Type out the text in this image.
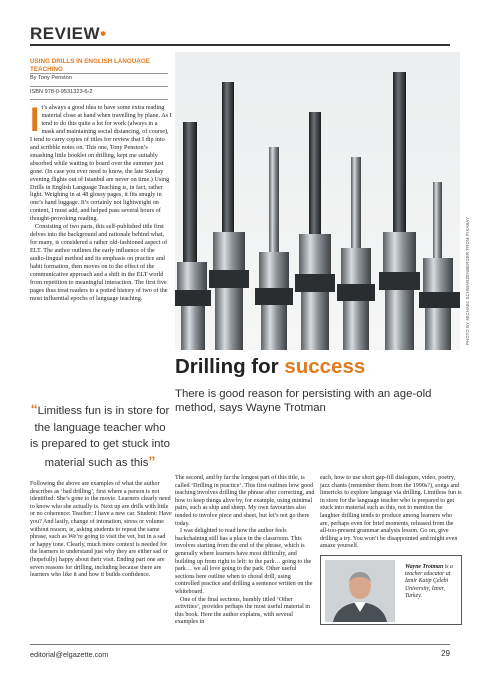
REVIEW•
USING DRILLS IN ENGLISH LANGUAGE TEACHING
By Tony Penston
ISBN 978-0-9531323-6-2

It’s always a good idea to have some extra reading material close at hand when travelling by plane. As I tend to do this quite a lot for work (always in a mask and maintaining social distancing, of course), I tend to carry copies of titles for review that I dip into and scribble notes on. This one, Tony Penston’s smashing little booklet on drilling, kept me suitably absorbed while waiting to board over the summer just gone. (In case you ever need to know, the late Sunday evening flights out of Istanbul are never on time.) Using Drills in English Language Teaching is, in fact, rather light. Weighing in at 48 glossy pages, it fits snugly in one’s hand luggage. It’s certainly not lightweight on content, I must add, and helped pass several hours of thought-provoking reading.

Consisting of two parts, this self-published title first delves into the background and rationale behind what, for many, is considered a rather old-fashioned aspect of ELT. The author outlines the early influence of the audio-lingual method and its emphasis on practice and habit formation, then moves on to the effect of the communicative approach and a shift in the ELT world from repetition to meaningful interaction. The first five pages thus treat readers to a potted history of two of the most influential epochs of language teaching.	PHOTO BY MICHAEL SCHWARZENBERGER FROM PIXABAY
Drilling for success
There is good reason for persisting with an age-old method, says Wayne Trotman
“Limitless fun is in store for the language teacher who is prepared to get stuck into material such as this”

Following the above are examples of what the author describes as ‘bad drilling’, first where a person is not identified: She’s gone to the movie. Learners clearly need to know who she actually is. Next up are drills with little or no coherence: Teacher: I have a new car. Student: Have you? And lastly, change of intonation, stress or volume without reason, ie, asking students to repeat the same phrase, such as We’re going to visit the vet, but in a sad or happy tone. Clearly, much more context is needed for the learners to understand just why they are either sad or (hopefully) happy about their visit. Ending part one are seven reasons for drilling, including because there are learners who like it and how it builds confidence.

The second, and by far the longest part of this title, is called ‘Drilling in practice’. This first outlines how good teaching involves drilling the phrase after correcting, and how to keep things alive by, for example, using minimal pairs, such as ship and sheep. My own favourites also tended to involve piece and sheet, but let’s not go there today.

I was delighted to read how the author feels backchaining still has a place in the classroom. This involves starting from the end of the phrase, which is generally where learners have most difficulty, and building up from right to left: to the park… going to the park… we all love going to the park. Other useful sections here outline when to choral drill, using controlled practice and drilling a sentence written on the whiteboard.

One of the final sections, humbly titled ‘Other activities’, provides perhaps the most useful material in this book. Here the author explains, with several examples in

each, how to use short gap-fill dialogues, video, poetry, jazz chants (remember them from the 1990s?), songs and limericks to explore language via drilling. Limitless fun is in store for the language teacher who is prepared to get stuck into material such as this, not to mention the laughter drilling tends to produce among learners who are, perhaps even for brief moments, released from the all-too-present grammar analysis lesson. Go on, give drilling a try. You won’t be disappointed and might even amaze yourself.

Wayne Trotman is a teacher educator at İzmir Katip Çelebi University, İzmir, Turkey.
editorial@elgazette.com	29
